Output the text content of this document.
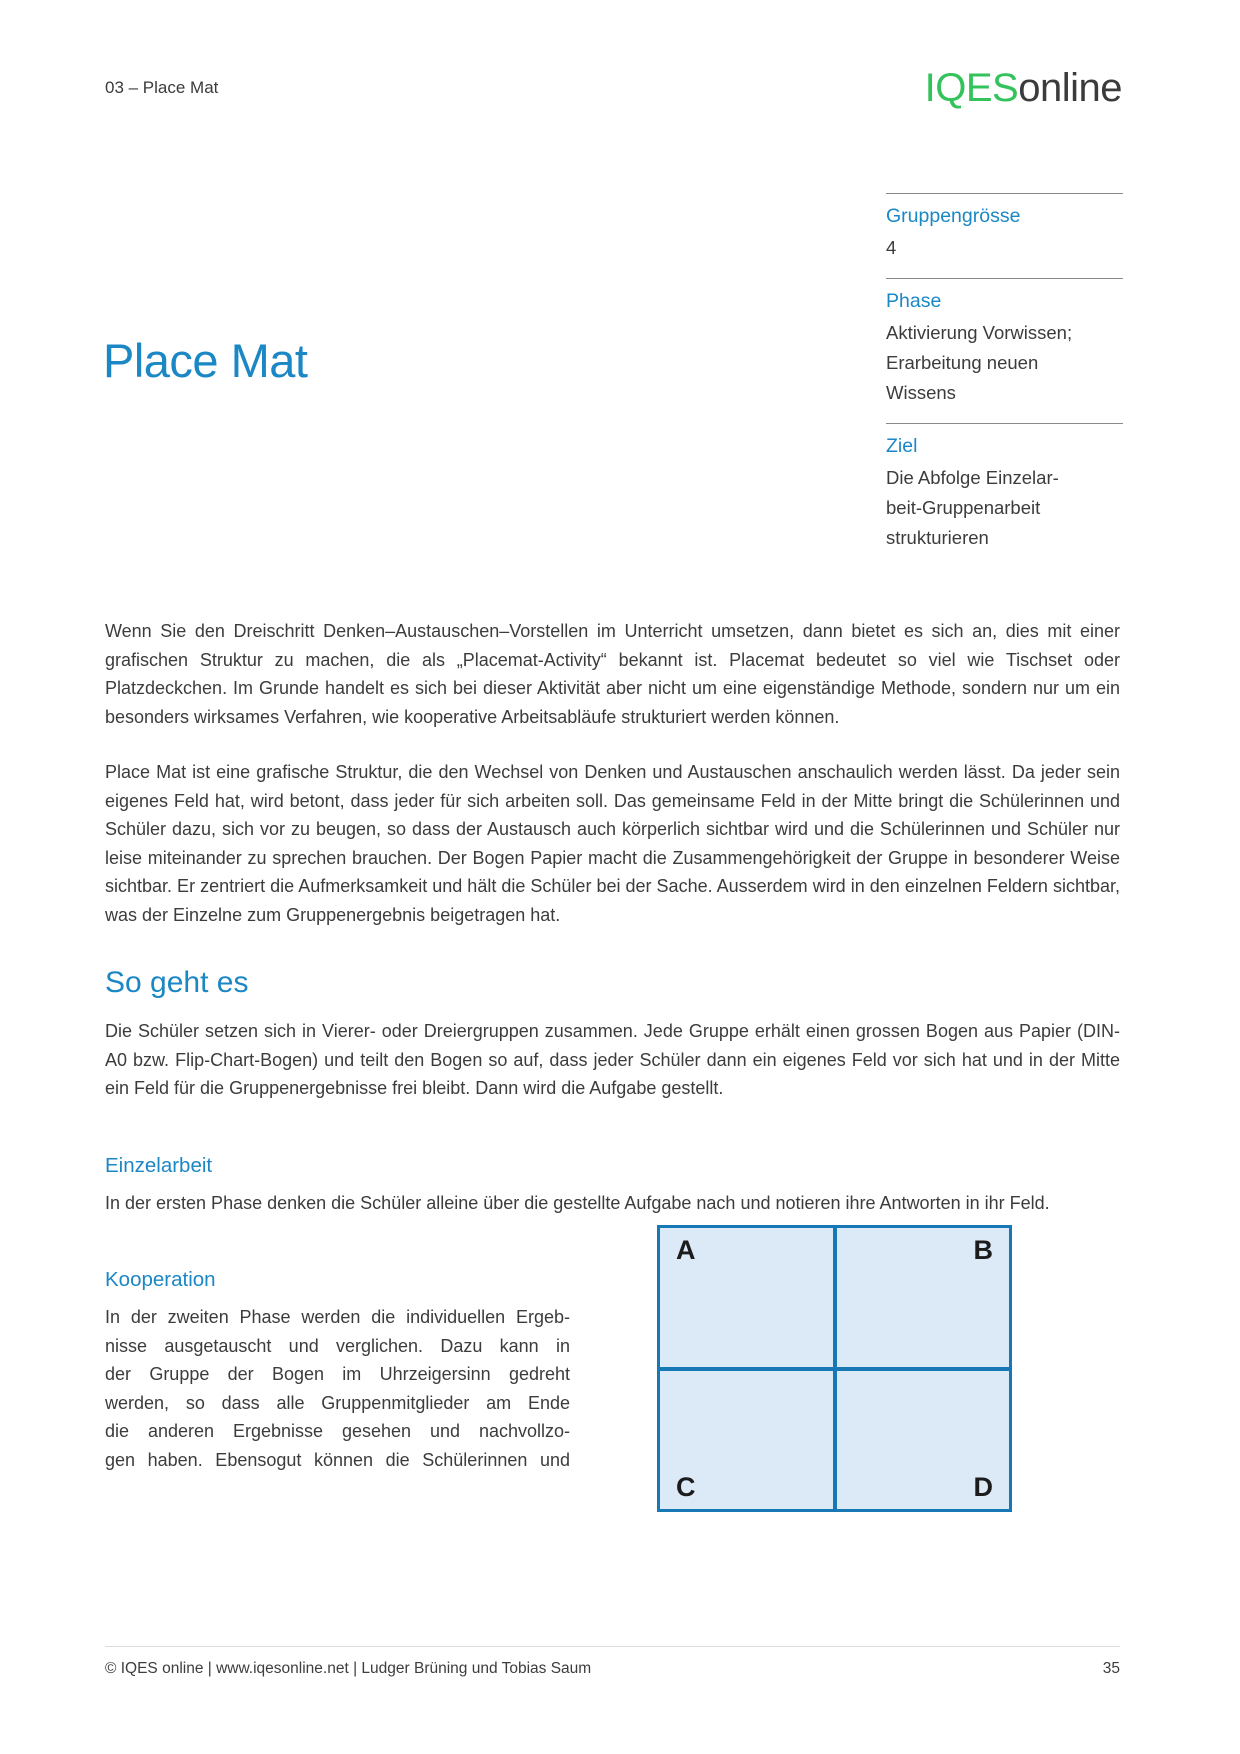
03 – Place Mat	IQESonline
Gruppengrösse
4
Phase
Aktivierung Vorwissen;
Erarbeitung neuen
Wissens
Ziel
Die Abfolge Einzelar-
beit-Gruppenarbeit
strukturieren
Place Mat

Wenn Sie den Dreischritt Denken–Austauschen–Vorstellen im Unterricht umsetzen, dann bietet es sich an, dies mit einer grafischen Struktur zu machen, die als „Placemat-Activity“ bekannt ist. Placemat bedeutet so viel wie Tischset oder Platzdeckchen. Im Grunde handelt es sich bei dieser Aktivität aber nicht um eine eigenständige Methode, sondern nur um ein besonders wirksames Verfahren, wie kooperative Arbeitsabläufe strukturiert werden können.

Place Mat ist eine grafische Struktur, die den Wechsel von Denken und Austauschen anschaulich werden lässt. Da jeder sein eigenes Feld hat, wird betont, dass jeder für sich arbeiten soll. Das gemeinsame Feld in der Mitte bringt die Schülerinnen und Schüler dazu, sich vor zu beugen, so dass der Austausch auch körperlich sichtbar wird und die Schülerinnen und Schüler nur leise miteinander zu sprechen brauchen. Der Bogen Papier macht die Zusammengehörigkeit der Gruppe in besonderer Weise sichtbar. Er zentriert die Aufmerksamkeit und hält die Schüler bei der Sache. Ausserdem wird in den einzelnen Feldern sichtbar, was der Einzelne zum Gruppenergebnis beigetragen hat.

So geht es

Die Schüler setzen sich in Vierer- oder Dreiergruppen zusammen. Jede Gruppe erhält einen grossen Bogen aus Papier (DIN-A0 bzw. Flip-Chart-Bogen) und teilt den Bogen so auf, dass jeder Schüler dann ein eigenes Feld vor sich hat und in der Mitte ein Feld für die Gruppenergebnisse frei bleibt. Dann wird die Aufgabe gestellt.

Einzelarbeit

In der ersten Phase denken die Schüler alleine über die gestellte Aufgabe nach und notieren ihre Antworten in ihr
A	B
C	D
Feld.

Kooperation
In der zweiten Phase werden die individuellen Ergeb-
nisse ausgetauscht und verglichen. Dazu kann in
der Gruppe der Bogen im Uhrzeigersinn gedreht
werden, so dass alle Gruppenmitglieder am Ende
die anderen Ergebnisse gesehen und nachvollzo-
gen haben. Ebensogut können die Schülerinnen und
© IQES online | www.iqesonline.net | Ludger Brüning und Tobias Saum	35
